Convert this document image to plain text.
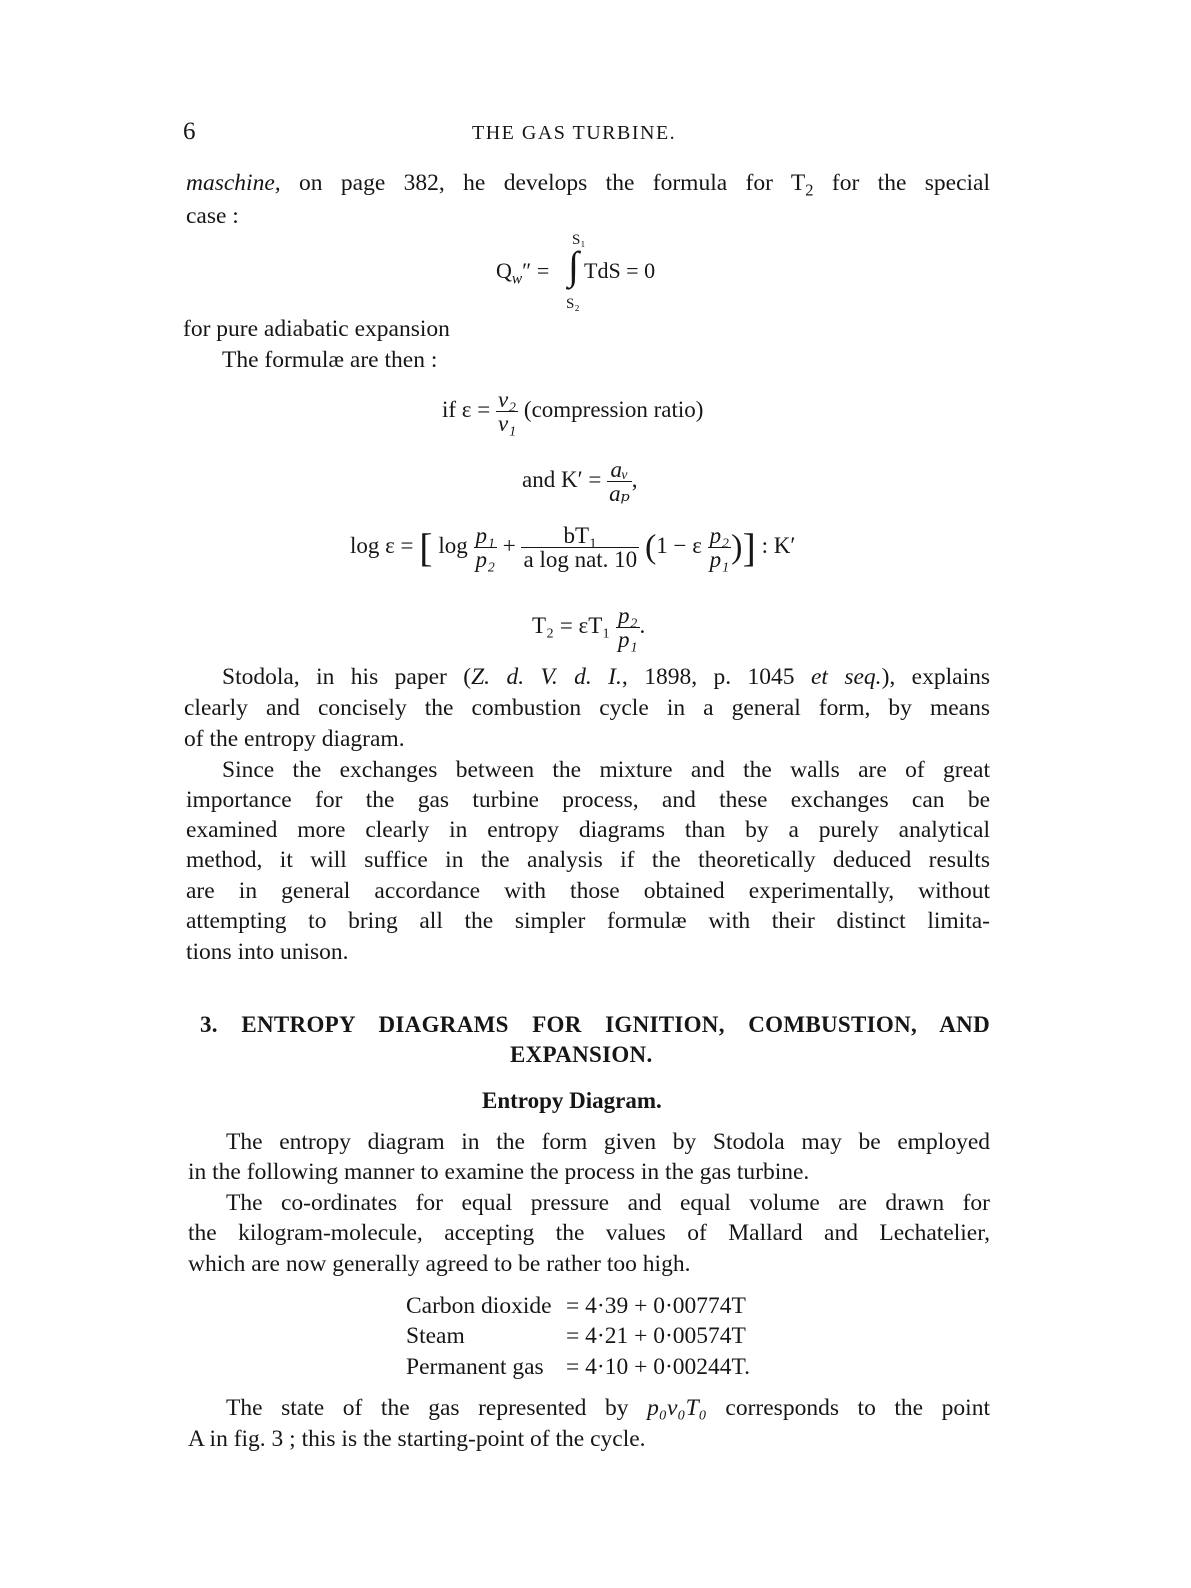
6	THE GAS TURBINE.
maschine, on page 382, he develops the formula for $T_2$ for the special
case :
$Q_w''$ =
S₁
∫ TdS = 0
S₂
for pure adiabatic expansion
The formulæ are then :
if $\varepsilon = \frac{\text{v₂}}{\text{v₁}}$ (compression ratio)
and $K' = \frac{\text{aᵥ}}{\text{aₚ}}$ ,
log ε = [ $\log \frac{\text{p₁}}{\text{p₂}} + \frac{\text{bT₁}}{\text{a log nat. 10}} (1 - \varepsilon \frac{\text{p₂}}{\text{p₁}}$ )] : K′
$T_2 = \varepsilon T_1 \frac{\text{p₂}}{\text{p₁}}$ .
Stodola, in his paper (Z. d. V. d. I., 1898, p. 1045 et seq.), explains
clearly and concisely the combustion cycle in a general form, by means
of the entropy diagram.
Since the exchanges between the mixture and the walls are of great
importance for the gas turbine process, and these exchanges can be
examined more clearly in entropy diagrams than by a purely analytical
method, it will suffice in the analysis if the theoretically deduced results
are in general accordance with those obtained experimentally, without
attempting to bring all the simpler formulæ with their distinct limita-
tions into unison.
3. ENTROPY DIAGRAMS FOR IGNITION, COMBUSTION, AND
EXPANSION.
Entropy Diagram.
The entropy diagram in the form given by Stodola may be employed
in the following manner to examine the process in the gas turbine.
The co-ordinates for equal pressure and equal volume are drawn for
the kilogram-molecule, accepting the values of Mallard and Lechatelier,
which are now generally agreed to be rather too high.
Carbon dioxide = 4·39 + 0·00774T
Steam	= 4·21 + 0·00574T
Permanent gas = 4·10 + 0·00244T.
The state of the gas represented by p₀v₀T₀ corresponds to the point
A in fig. 3 ; this is the starting-point of the cycle.
